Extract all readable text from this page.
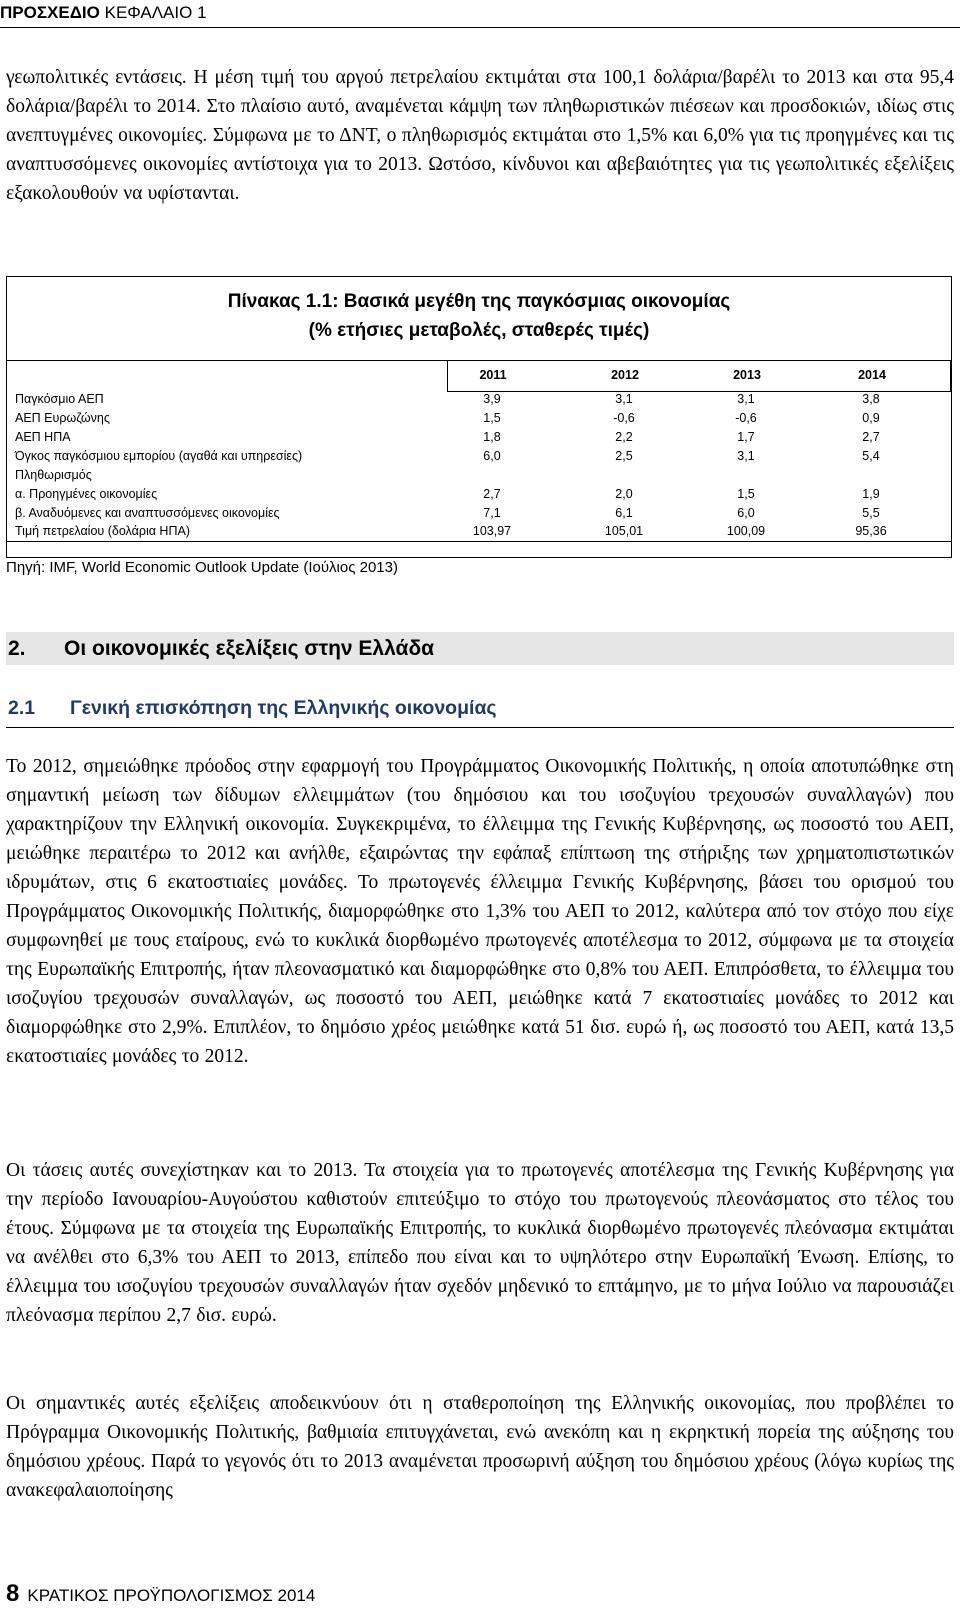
ΠΡΟΣΧΕΔΙΟ ΚΕΦΑΛΑΙΟ 1

γεωπολιτικές εντάσεις. Η μέση τιμή του αργού πετρελαίου εκτιμάται στα 100,1 δολάρια/βαρέλι το 2013 και στα 95,4 δολάρια/βαρέλι το 2014. Στο πλαίσιο αυτό, αναμένεται κάμψη των πληθωριστικών πιέσεων και προσδοκιών, ιδίως στις ανεπτυγμένες οικονομίες. Σύμφωνα με το ΔΝΤ, ο πληθωρισμός εκτιμάται στο 1,5% και 6,0% για τις προηγμένες και τις αναπτυσσόμενες οικονομίες αντίστοιχα για το 2013. Ωστόσο, κίνδυνοι και αβεβαιότητες για τις γεωπολιτικές εξελίξεις εξακολουθούν να υφίστανται.

Πίνακας 1.1: Βασικά μεγέθη της παγκόσμιας οικονομίας
(% ετήσιες μεταβολές, σταθερές τιμές)
2011	2012	2013	2014
Παγκόσμιο ΑΕΠ	3,9	3,1	3,1	3,8
ΑΕΠ Ευρωζώνης	1,5	-0,6	-0,6	0,9
ΑΕΠ ΗΠΑ	1,8	2,2	1,7	2,7
Όγκος παγκόσμιου εμπορίου (αγαθά και υπηρεσίες)	6,0	2,5	3,1	5,4
Πληθωρισμός
α. Προηγμένες οικονομίες	2,7	2,0	1,5	1,9
β. Αναδυόμενες και αναπτυσσόμενες οικονομίες	7,1	6,1	6,0	5,5
Τιμή πετρελαίου (δολάρια ΗΠΑ)	103,97	105,01	100,09	95,36
Πηγή: IMF, World Economic Outlook Update (Ιούλιος 2013)
2. Οι οικονομικές εξελίξεις στην Ελλάδα
2.1 Γενική επισκόπηση της Ελληνικής οικονομίας

Το 2012, σημειώθηκε πρόοδος στην εφαρμογή του Προγράμματος Οικονομικής Πολιτικής, η οποία αποτυπώθηκε στη σημαντική μείωση των δίδυμων ελλειμμάτων (του δημόσιου και του ισοζυγίου τρεχουσών συναλλαγών) που χαρακτηρίζουν την Ελληνική οικονομία. Συγκεκριμένα, το έλλειμμα της Γενικής Κυβέρνησης, ως ποσοστό του ΑΕΠ, μειώθηκε περαιτέρω το 2012 και ανήλθε, εξαιρώντας την εφάπαξ επίπτωση της στήριξης των χρηματοπιστωτικών ιδρυμάτων, στις 6 εκατοστιαίες μονάδες. Το πρωτογενές έλλειμμα Γενικής Κυβέρνησης, βάσει του ορισμού του Προγράμματος Οικονομικής Πολιτικής, διαμορφώθηκε στο 1,3% του ΑΕΠ το 2012, καλύτερα από τον στόχο που είχε συμφωνηθεί με τους εταίρους, ενώ το κυκλικά διορθωμένο πρωτογενές αποτέλεσμα το 2012, σύμφωνα με τα στοιχεία της Ευρωπαϊκής Επιτροπής, ήταν πλεονασματικό και διαμορφώθηκε στο 0,8% του ΑΕΠ. Επιπρόσθετα, το έλλειμμα του ισοζυγίου τρεχουσών συναλλαγών, ως ποσοστό του ΑΕΠ, μειώθηκε κατά 7 εκατοστιαίες μονάδες το 2012 και διαμορφώθηκε στο 2,9%. Επιπλέον, το δημόσιο χρέος μειώθηκε κατά 51 δισ. ευρώ ή, ως ποσοστό του ΑΕΠ, κατά 13,5 εκατοστιαίες μονάδες το 2012.

Οι τάσεις αυτές συνεχίστηκαν και το 2013. Τα στοιχεία για το πρωτογενές αποτέλεσμα της Γενικής Κυβέρνησης για την περίοδο Ιανουαρίου-Αυγούστου καθιστούν επιτεύξιμο το στόχο του πρωτογενούς πλεονάσματος στο τέλος του έτους. Σύμφωνα με τα στοιχεία της Ευρωπαϊκής Επιτροπής, το κυκλικά διορθωμένο πρωτογενές πλεόνασμα εκτιμάται να ανέλθει στο 6,3% του ΑΕΠ το 2013, επίπεδο που είναι και το υψηλότερο στην Ευρωπαϊκή Ένωση. Επίσης, το έλλειμμα του ισοζυγίου τρεχουσών συναλλαγών ήταν σχεδόν μηδενικό το επτάμηνο, με το μήνα Ιούλιο να παρουσιάζει πλεόνασμα περίπου 2,7 δισ. ευρώ.

Οι σημαντικές αυτές εξελίξεις αποδεικνύουν ότι η σταθεροποίηση της Ελληνικής οικονομίας, που προβλέπει το Πρόγραμμα Οικονομικής Πολιτικής, βαθμιαία επιτυγχάνεται, ενώ ανεκόπη και η εκρηκτική πορεία της αύξησης του δημόσιου χρέους. Παρά το γεγονός ότι το 2013 αναμένεται προσωρινή αύξηση του δημόσιου χρέους (λόγω κυρίως της ανακεφαλαιοποίησης

8 ΚΡΑΤΙΚΟΣ ΠΡΟΫΠΟΛΟΓΙΣΜΟΣ 2014
